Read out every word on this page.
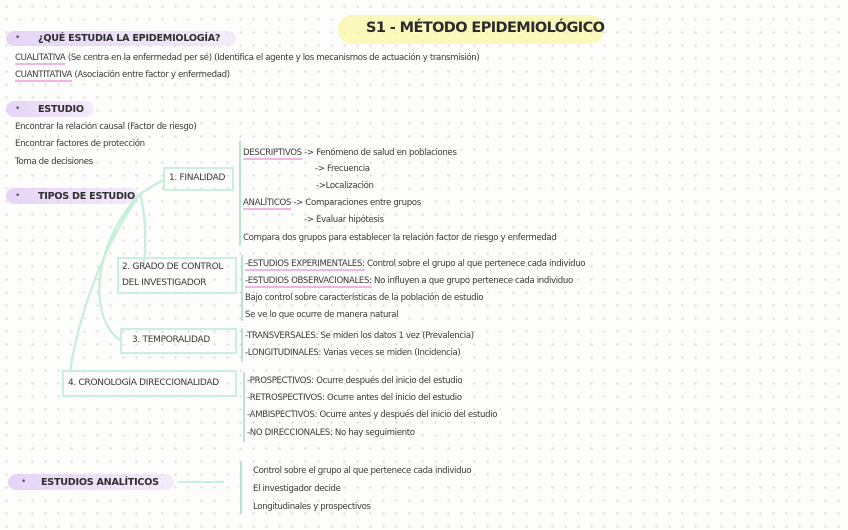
S1 - MÉTODO EPIDEMIOLÓGICO
• ¿QUÉ ESTUDIA LA EPIDEMIOLOGÍA?
CUALITATIVA (Se centra en la enfermedad per sé) (Identifica el agente y los mecanismos de actuación y transmisión)
CUANTITATIVA (Asociación entre factor y enfermedad)
• ESTUDIO
Encontrar la relación causal (Factor de riesgo)
Encontrar factores de protección
Toma de decisiones
• TIPOS DE ESTUDIO
1. FINALIDAD
DESCRIPTIVOS -> Fenómeno de salud en poblaciones
-> Frecuencia
->Localización
ANALÍTICOS -> Comparaciones entre grupos
-> Evaluar hipótesis
Compara dos grupos para establecer la relación factor de riesgo y enfermedad
2. GRADO DE CONTROL
DEL INVESTIGADOR
-ESTUDIOS EXPERIMENTALES: Control sobre el grupo al que pertenece cada individuo
-ESTUDIOS OBSERVACIONALES: No influyen a que grupo pertenece cada individuo
Bajo control sobre características de la población de estudio
Se ve lo que ocurre de manera natural
3. TEMPORALIDAD	-TRANSVERSALES: Se miden los datos 1 vez (Prevalencia)
-LONGITUDINALES: Varias veces se miden (Incidencia)
4. CRONOLOGÍA DIRECCIONALIDAD	-PROSPECTIVOS: Ocurre después del inicio del estudio
-RETROSPECTIVOS: Ocurre antes del inicio del estudio
-AMBISPECTIVOS: Ocurre antes y después del inicio del estudio
-NO DIRECCIONALES: No hay seguimiento
• ESTUDIOS ANALÍTICOS
Control sobre el grupo al que pertenece cada individuo
El investigador decide
Longitudinales y prospectivos
